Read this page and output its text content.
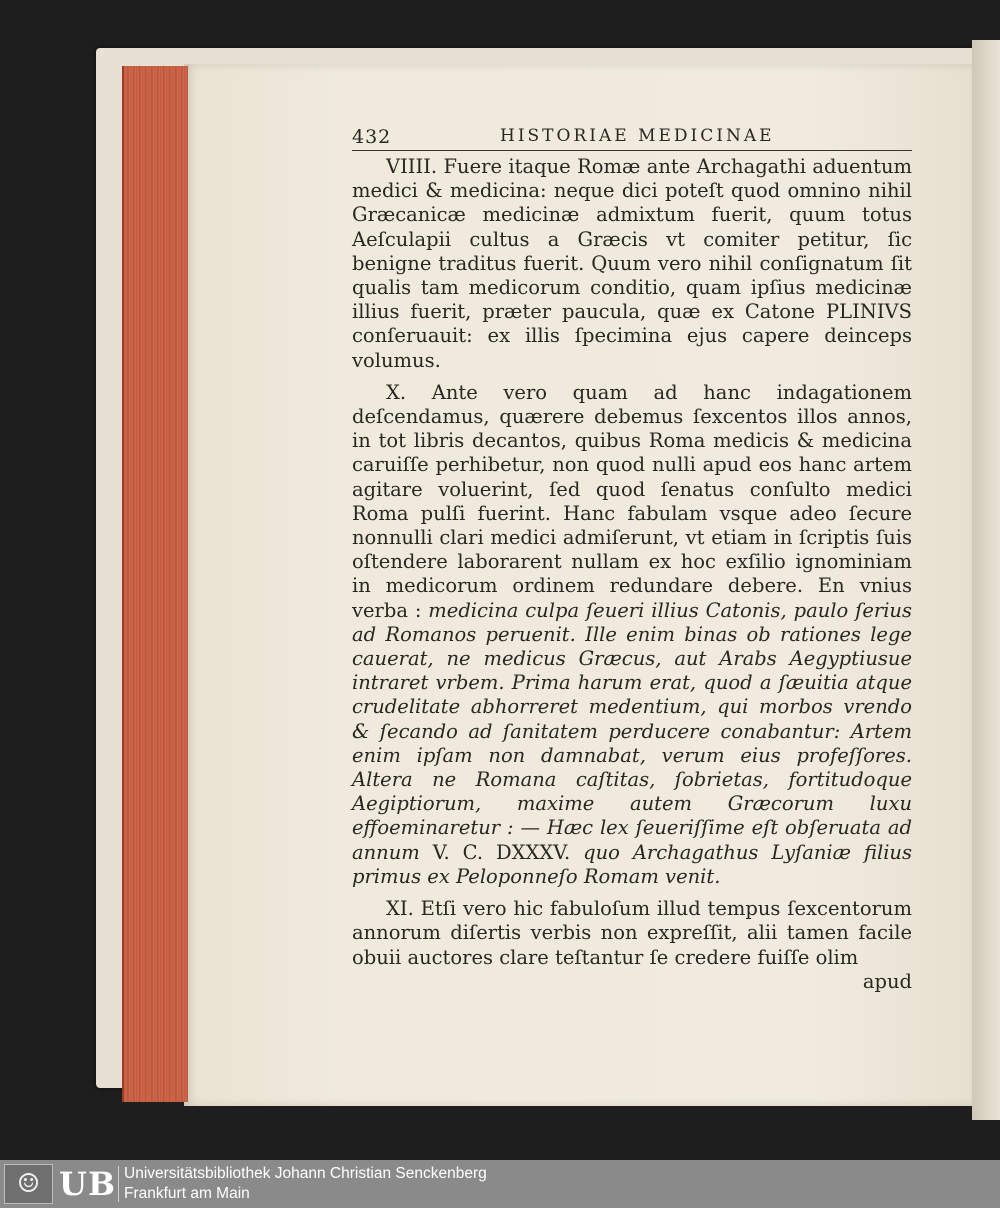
432	HISTORIAE MEDICINAE

VIIII. Fuere itaque Romæ ante Archagathi aduentum medici & medicina: neque dici poteſt quod omnino nihil Græcanicæ medicinæ admixtum fuerit, quum totus Aeſculapii cultus a Græcis vt comiter petitur, ſic benigne traditus fuerit. Quum vero nihil conſignatum ſit qualis tam medicorum conditio, quam ipſius medicinæ illius fuerit, præter paucula, quæ ex Catone PLINIVS conſeruauit: ex illis ſpecimina ejus capere deinceps volumus.

X. Ante vero quam ad hanc indagationem deſcendamus, quærere debemus ſexcentos illos annos, in tot libris decantos, quibus Roma medicis & medicina caruiſſe perhibetur, non quod nulli apud eos hanc artem agitare voluerint, ſed quod ſenatus conſulto medici Roma pulſi fuerint. Hanc fabulam vsque adeo ſecure nonnulli clari medici admiſerunt, vt etiam in ſcriptis ſuis oſtendere laborarent nullam ex hoc exſilio ignominiam in medicorum ordinem redundare debere. En vnius verba : medicina culpa ſeueri illius Catonis, paulo ſerius ad Romanos peruenit. Ille enim binas ob rationes lege cauerat, ne medicus Græcus, aut Arabs Aegyptiusue intraret vrbem. Prima harum erat, quod a ſæuitia atque crudelitate abhorreret medentium, qui morbos vrendo & ſecando ad ſanitatem perducere conabantur: Artem enim ipſam non damnabat, verum eius profeſſores. Altera ne Romana caſtitas, ſobrietas, fortitudoque Aegiptiorum, maxime autem Græcorum luxu effoeminaretur : — Hæc lex ſeueriſſime eſt obſeruata ad annum V. C. DXXXV. quo Archagathus Lyſaniæ filius primus ex Peloponneſo Romam venit.

XI. Etſi vero hic fabuloſum illud tempus ſexcentorum annorum diſertis verbis non expreſſit, alii tamen facile obuii auctores clare teſtantur ſe credere fuiſſe olim

apud

☺ UB Universitätsbibliothek Johann Christian Senckenberg
Frankfurt am Main
